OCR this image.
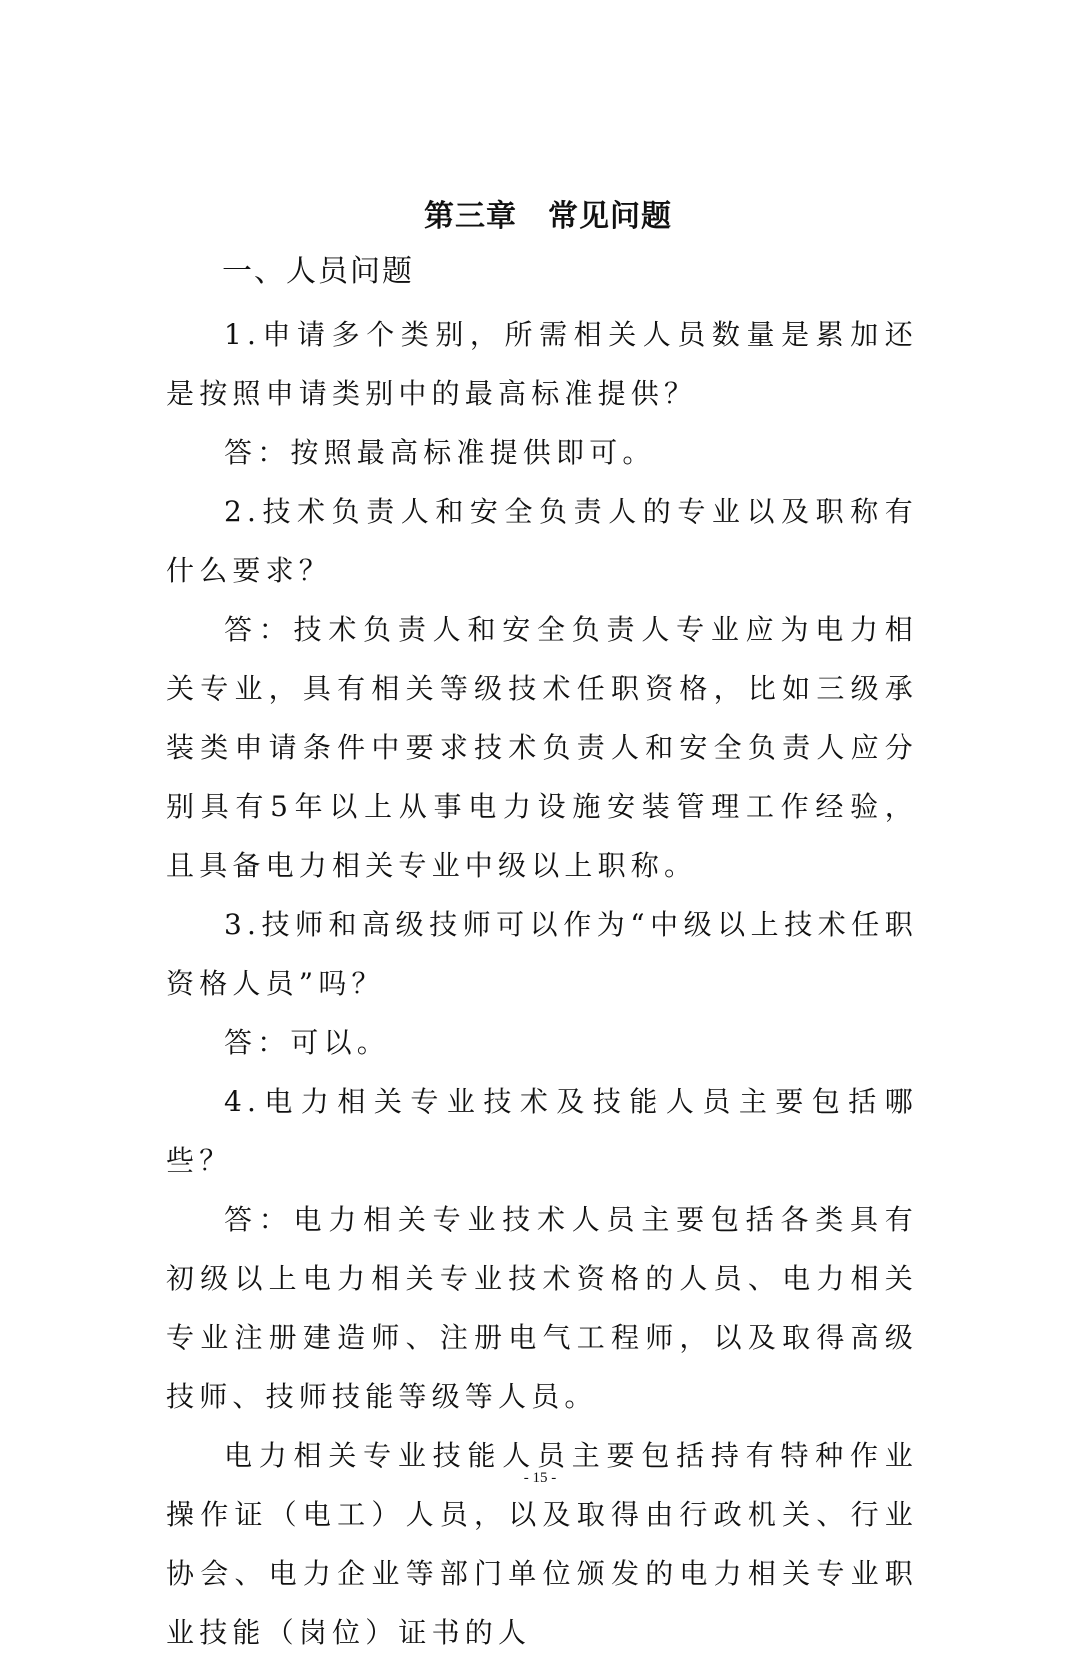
第三章　常见问题
一、人员问题

1.申请多个类别，所需相关人员数量是累加还是按照申请类别中的最高标准提供？

答：按照最高标准提供即可。

2.技术负责人和安全负责人的专业以及职称有什么要求？

答：技术负责人和安全负责人专业应为电力相关专业，具有相关等级技术任职资格，比如三级承装类申请条件中要求技术负责人和安全负责人应分别具有5年以上从事电力设施安装管理工作经验，且具备电力相关专业中级以上职称。

3.技师和高级技师可以作为“中级以上技术任职资格人员”吗？

答：可以。

4.电力相关专业技术及技能人员主要包括哪些？

答：电力相关专业技术人员主要包括各类具有初级以上电力相关专业技术资格的人员、电力相关专业注册建造师、注册电气工程师，以及取得高级技师、技师技能等级等人员。

电力相关专业技能人员主要包括持有特种作业操作证（电工）人员，以及取得由行政机关、行业协会、电力企业等部门单位颁发的电力相关专业职业技能（岗位）证书的人

- 15 -
